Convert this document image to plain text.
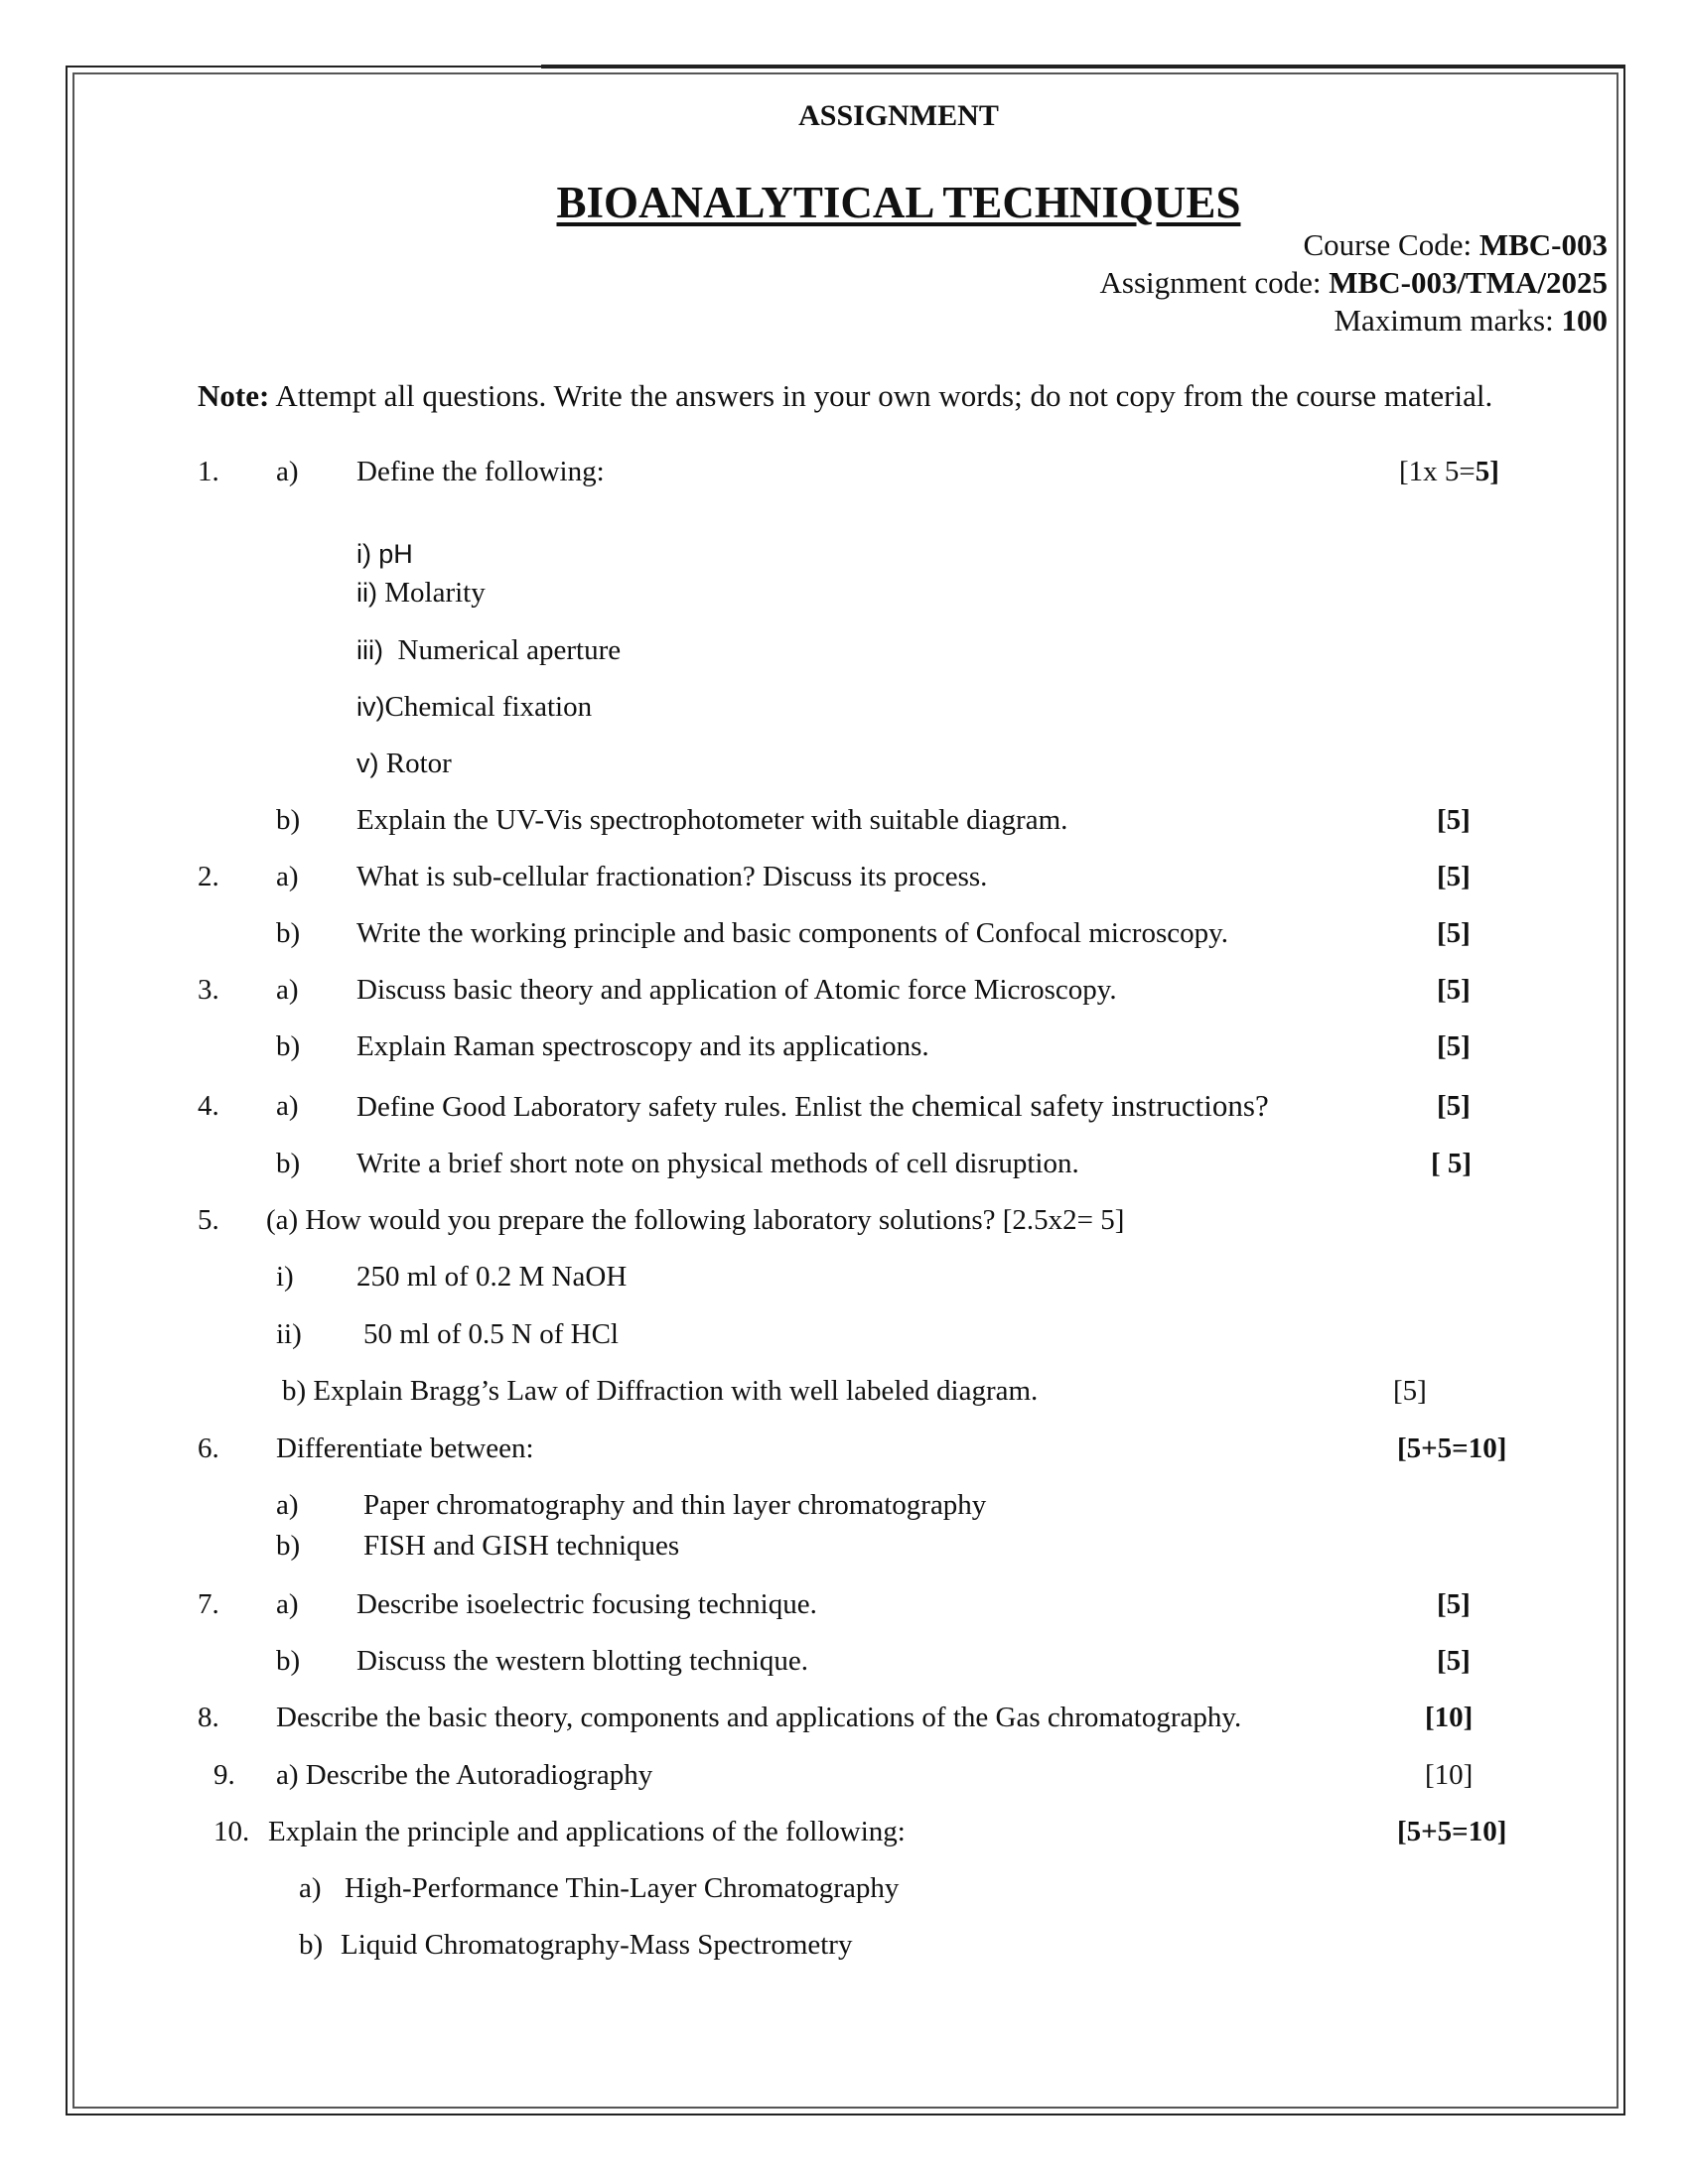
ASSIGNMENT
BIOANALYTICAL TECHNIQUES
Course Code: MBC-003
Assignment code: MBC-003/TMA/2025
Maximum marks: 100
Note: Attempt all questions. Write the answers in your own words; do not copy from the course material.
1. a) Define the following:	[1x 5=5]
i) pH
ii) Molarity
iii) Numerical aperture
iv)Chemical fixation
v) Rotor
b) Explain the UV-Vis spectrophotometer with suitable diagram.	[5]
2. a) What is sub-cellular fractionation? Discuss its process.	[5]
b) Write the working principle and basic components of Confocal microscopy.	[5]
3. a) Discuss basic theory and application of Atomic force Microscopy.	[5]
b) Explain Raman spectroscopy and its applications.	[5]
4. a) Define Good Laboratory safety rules. Enlist the chemical safety instructions?	[5]
b) Write a brief short note on physical methods of cell disruption.	[ 5]
5. (a) How would you prepare the following laboratory solutions? [2.5x2= 5]
i) 250 ml of 0.2 M NaOH
ii) 50 ml of 0.5 N of HCl
b) Explain Bragg’s Law of Diffraction with well labeled diagram.	[5]
6. Differentiate between:	[5+5=10]
a) Paper chromatography and thin layer chromatography
b) FISH and GISH techniques
7. a) Describe isoelectric focusing technique.	[5]
b) Discuss the western blotting technique.	[5]
8. Describe the basic theory, components and applications of the Gas chromatography.	[10]
9. a) Describe the Autoradiography	[10]
10. Explain the principle and applications of the following:	[5+5=10]
a) High-Performance Thin-Layer Chromatography
b) Liquid Chromatography-Mass Spectrometry
